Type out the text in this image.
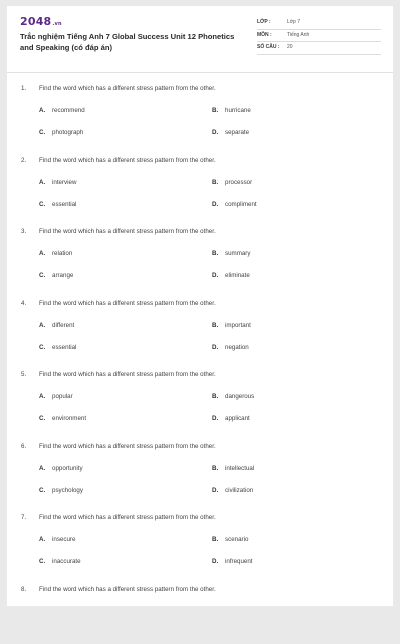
2048.vn
Trắc nghiệm Tiếng Anh 7 Global Success Unit 12 Phonetics and Speaking (có đáp án)
LỚP :	Lớp 7
MÔN :	Tiếng Anh
SỐ CÂU : 20
1. Find the word which has a different stress pattern from the other.
A. recommend	B. hurricane
C. photograph	D. separate
2. Find the word which has a different stress pattern from the other.
A. interview	B. processor
C. essential	D. compliment
3. Find the word which has a different stress pattern from the other.
A. relation	B. summary
C. arrange	D. eliminate
4. Find the word which has a different stress pattern from the other.
A. different	B. important
C. essential	D. negation
5. Find the word which has a different stress pattern from the other.
A. popular	B. dangerous
C. environment	D. applicant
6. Find the word which has a different stress pattern from the other.
A. opportunity	B. intellectual
C. psychology	D. civilization
7. Find the word which has a different stress pattern from the other.
A. insecure	B. scenario
C. inaccurate	D. infrequent
8. Find the word which has a different stress pattern from the other.
